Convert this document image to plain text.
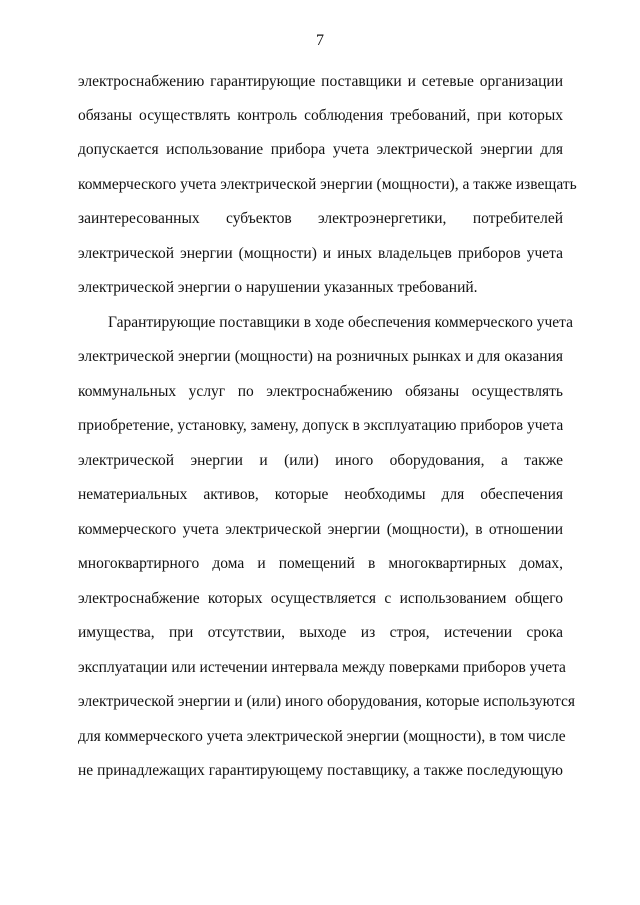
7
электроснабжению гарантирующие поставщики и сетевые организации
обязаны осуществлять контроль соблюдения требований, при которых
допускается использование прибора учета электрической энергии для
коммерческого учета электрической энергии (мощности), а также извещать
заинтересованных субъектов электроэнергетики, потребителей
электрической энергии (мощности) и иных владельцев приборов учета
электрической энергии о нарушении указанных требований.
Гарантирующие поставщики в ходе обеспечения коммерческого учета
электрической энергии (мощности) на розничных рынках и для оказания
коммунальных услуг по электроснабжению обязаны осуществлять
приобретение, установку, замену, допуск в эксплуатацию приборов учета
электрической энергии и (или) иного оборудования, а также
нематериальных активов, которые необходимы для обеспечения
коммерческого учета электрической энергии (мощности), в отношении
многоквартирного дома и помещений в многоквартирных домах,
электроснабжение которых осуществляется с использованием общего
имущества, при отсутствии, выходе из строя, истечении срока
эксплуатации или истечении интервала между поверками приборов учета
электрической энергии и (или) иного оборудования, которые используются
для коммерческого учета электрической энергии (мощности), в том числе
не принадлежащих гарантирующему поставщику, а также последующую
